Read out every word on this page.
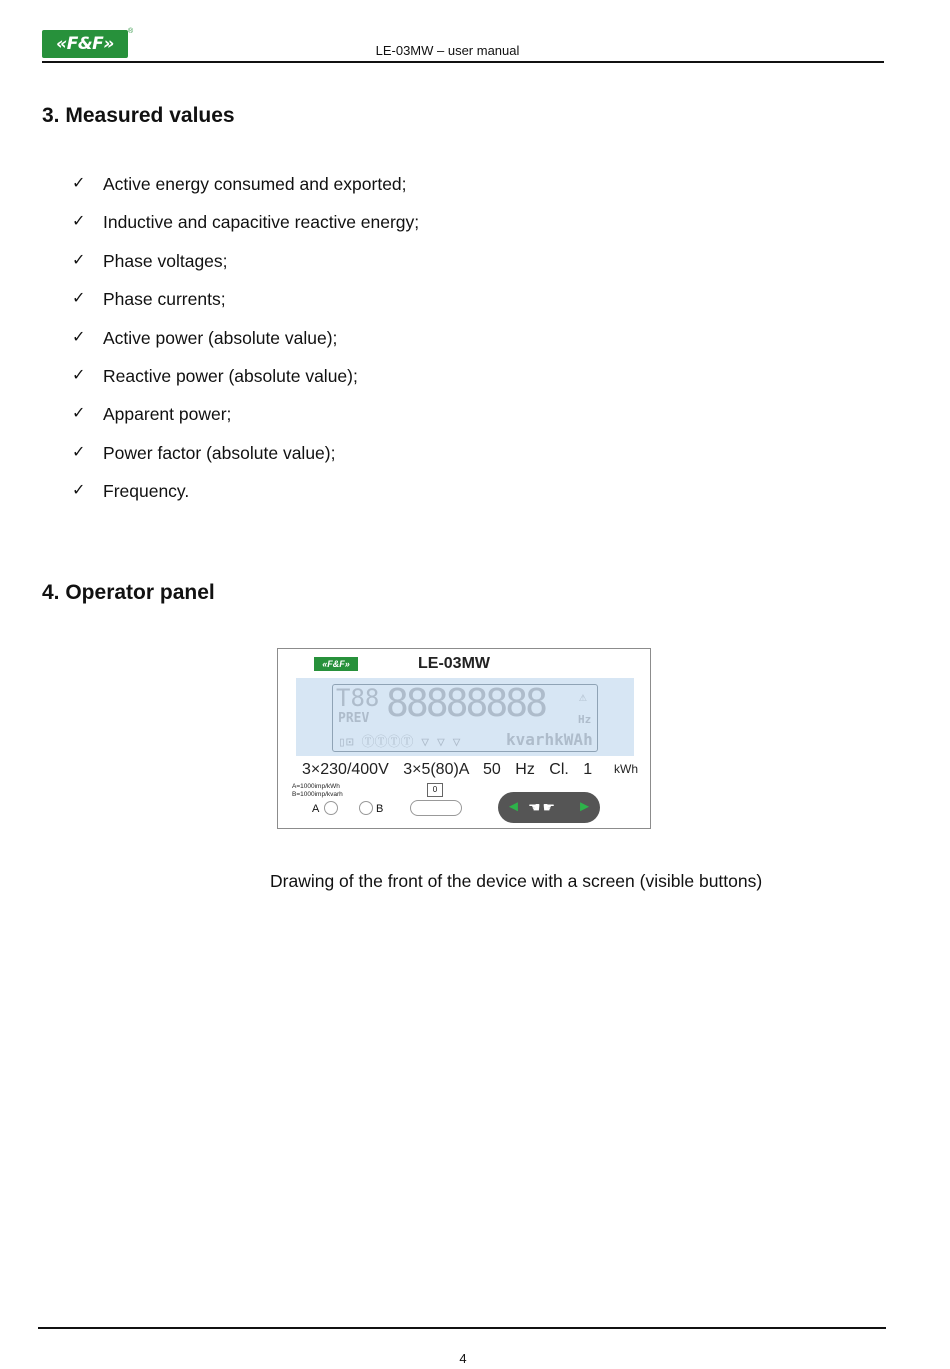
«F&F»
®
LE-03MW – user manual
3. Measured values
✓	Active energy consumed and exported;
✓	Inductive and capacitive reactive energy;
✓	Phase voltages;
✓	Phase currents;
✓	Active power (absolute value);
✓	Reactive power (absolute value);
✓	Apparent power;
✓	Power factor (absolute value);
✓	Frequency.
4. Operator panel
«F&F»	LE-03MW
T88 88888888
PREV
▯⊡ ⓉⓉⓉⓉ ▽ ▽ ▽	kvarhkWAh
Hz
⚠
3×230/400V 3×5(80)A 50 Hz Cl. 1 kWh
A=1000imp/kWh
B=1000imp/kvarh
A	B
0
◄ ☚☛ ►
Drawing of the front of the device with a screen (visible buttons)
4
